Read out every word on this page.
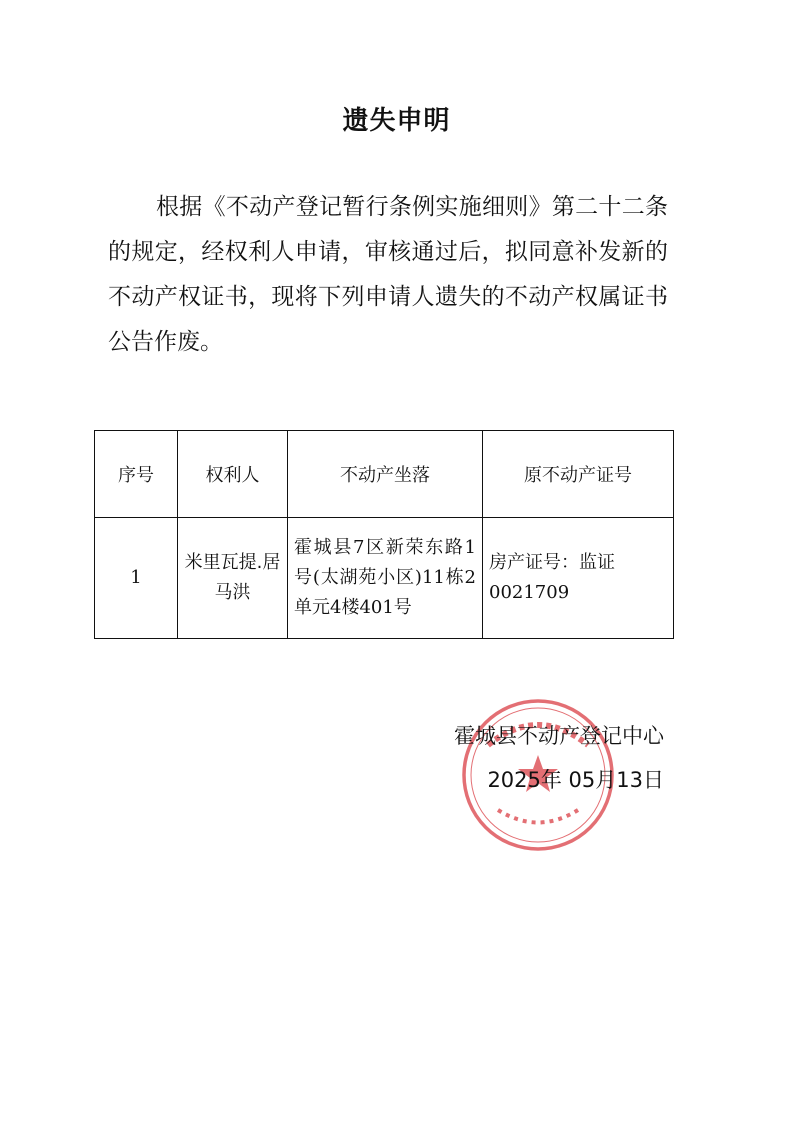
遗失申明

根据《不动产登记暂行条例实施细则》第二十二条的规定，经权利人申请，审核通过后，拟同意补发新的不动产权证书，现将下列申请人遗失的不动产权属证书公告作废。

序号	权利人	不动产坐落	原不动产证号
1	米里瓦提.居马洪	霍城县7区新荣东路1号(太湖苑小区)11栋2单元4楼401号	房产证号：监证0021709
霍城县不动产登记中心
2025年 05月13日
